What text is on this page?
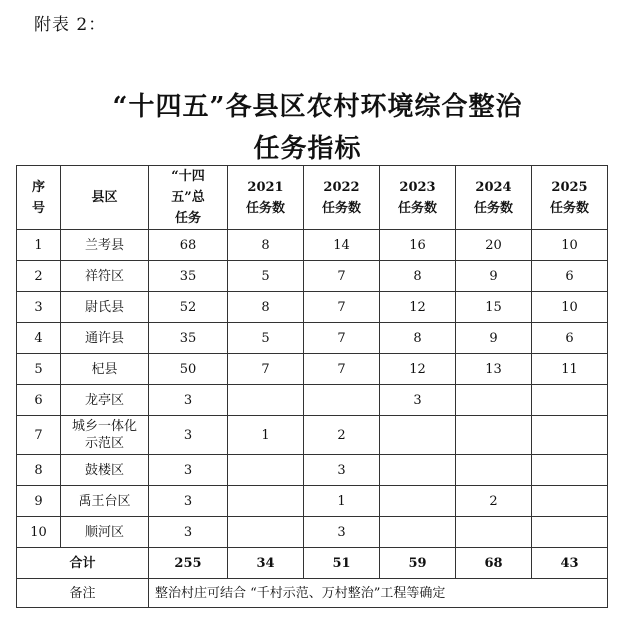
附表 2：
“十四五”各县区农村环境综合整治
任务指标
序号	县区	“十四五”总任务	2021 任务数	2022 任务数	2023 任务数	2024 任务数	2025 任务数
1	兰考县	68	8	14	16	20	10
2	祥符区	35	5	7	8	9	6
3	尉氏县	52	8	7	12	15	10
4	通许县	35	5	7	8	9	6
5	杞县	50	7	7	12	13	11
6	龙亭区	3			3		
7	城乡一体化示范区	3	1	2			
8	鼓楼区	3		3			
9	禹王台区	3		1		2	
10	顺河区	3		3			
合计		255	34	51	59	68	43
备注		整治村庄可结合 “千村示范、万村整治”工程等确定					
